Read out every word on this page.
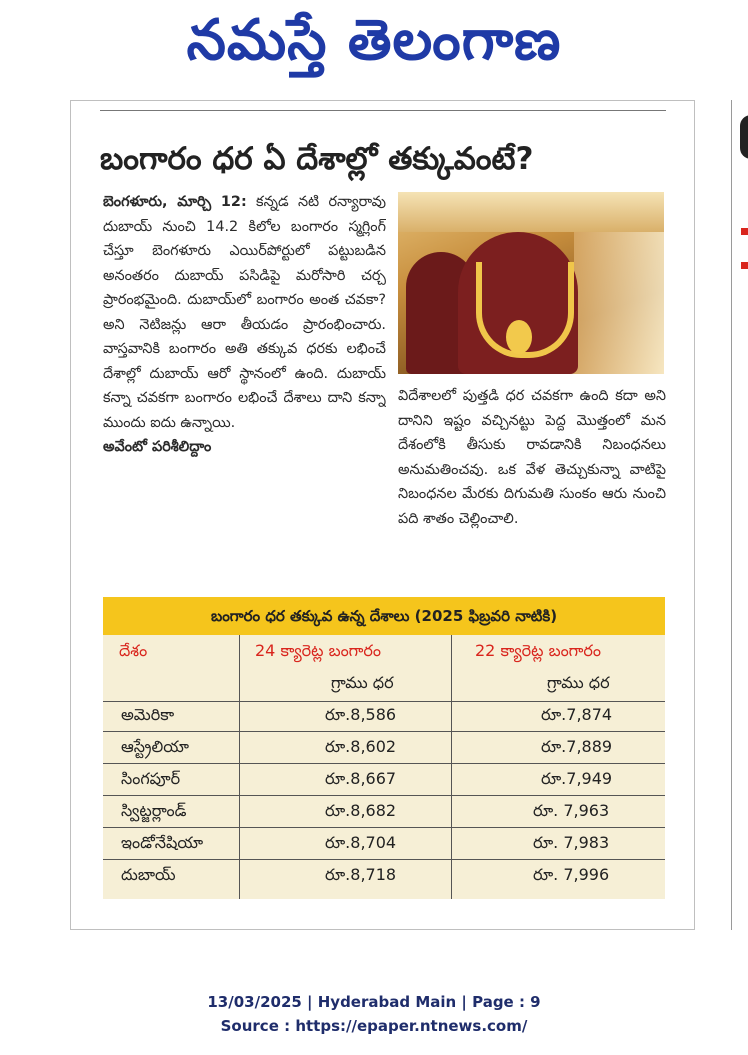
నమస్తే తెలంగాణ
బంగారం ధర ఏ దేశాల్లో తక్కువంటే?
బెంగళూరు, మార్చి 12: కన్నడ నటి రన్యారావు దుబాయ్ నుంచి 14.2 కిలోల బంగారం స్మగ్లింగ్ చేస్తూ బెంగళూరు ఎయిర్‌పోర్టులో పట్టుబడిన అనంతరం దుబాయ్ పసిడిపై మరోసారి చర్చ ప్రారంభమైంది. దుబాయ్‌లో బంగారం అంత చవకా? అని నెటిజన్లు ఆరా తీయడం ప్రారంభించారు. వాస్తవానికి బంగారం అతి తక్కువ ధరకు లభించే దేశాల్లో దుబాయ్ ఆరో స్థానంలో ఉంది. దుబాయ్ కన్నా చవకగా బంగారం లభించే దేశాలు దాని కన్నా ముందు ఐదు ఉన్నాయి.
అవేంటో పరిశీలిద్దాం
విదేశాలలో పుత్తడి ధర చవకగా ఉంది కదా అని దానిని ఇష్టం వచ్చినట్టు పెద్ద మొత్తంలో మన దేశంలోకి తీసుకు రావడానికి నిబంధనలు అనుమతించవు. ఒక వేళ తెచ్చుకున్నా వాటిపై నిబంధనల మేరకు దిగుమతి సుంకం ఆరు నుంచి పది శాతం చెల్లించాలి.
బంగారం ధర తక్కువ ఉన్న దేశాలు (2025 ఫిబ్రవరి నాటికి)
దేశం	24 క్యారెట్ల బంగారం	22 క్యారెట్ల బంగారం
గ్రాము ధర	గ్రాము ధర
అమెరికా	రూ.8,586	రూ.7,874
ఆస్ట్రేలియా	రూ.8,602	రూ.7,889
సింగపూర్	రూ.8,667	రూ.7,949
స్విట్జర్లాండ్	రూ.8,682	రూ. 7,963
ఇండోనేషియా	రూ.8,704	రూ. 7,983
దుబాయ్	రూ.8,718	రూ. 7,996
13/03/2025 | Hyderabad Main | Page : 9
Source : https://epaper.ntnews.com/
